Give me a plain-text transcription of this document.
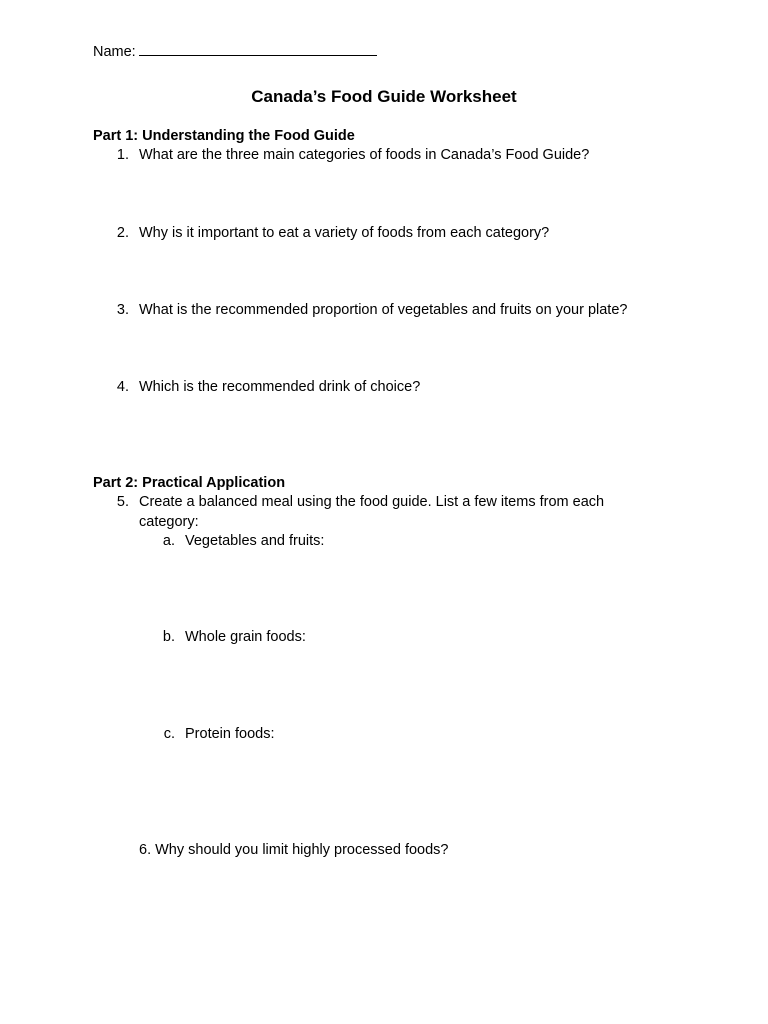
Name:
Canada’s Food Guide Worksheet
Part 1: Understanding the Food Guide
1. What are the three main categories of foods in Canada’s Food Guide?
2. Why is it important to eat a variety of foods from each category?
3. What is the recommended proportion of vegetables and fruits on your plate?
4. Which is the recommended drink of choice?
Part 2: Practical Application
5. Create a balanced meal using the food guide. List a few items from each
category:
a. Vegetables and fruits:
b. Whole grain foods:
c. Protein foods:
6. Why should you limit highly processed foods?
